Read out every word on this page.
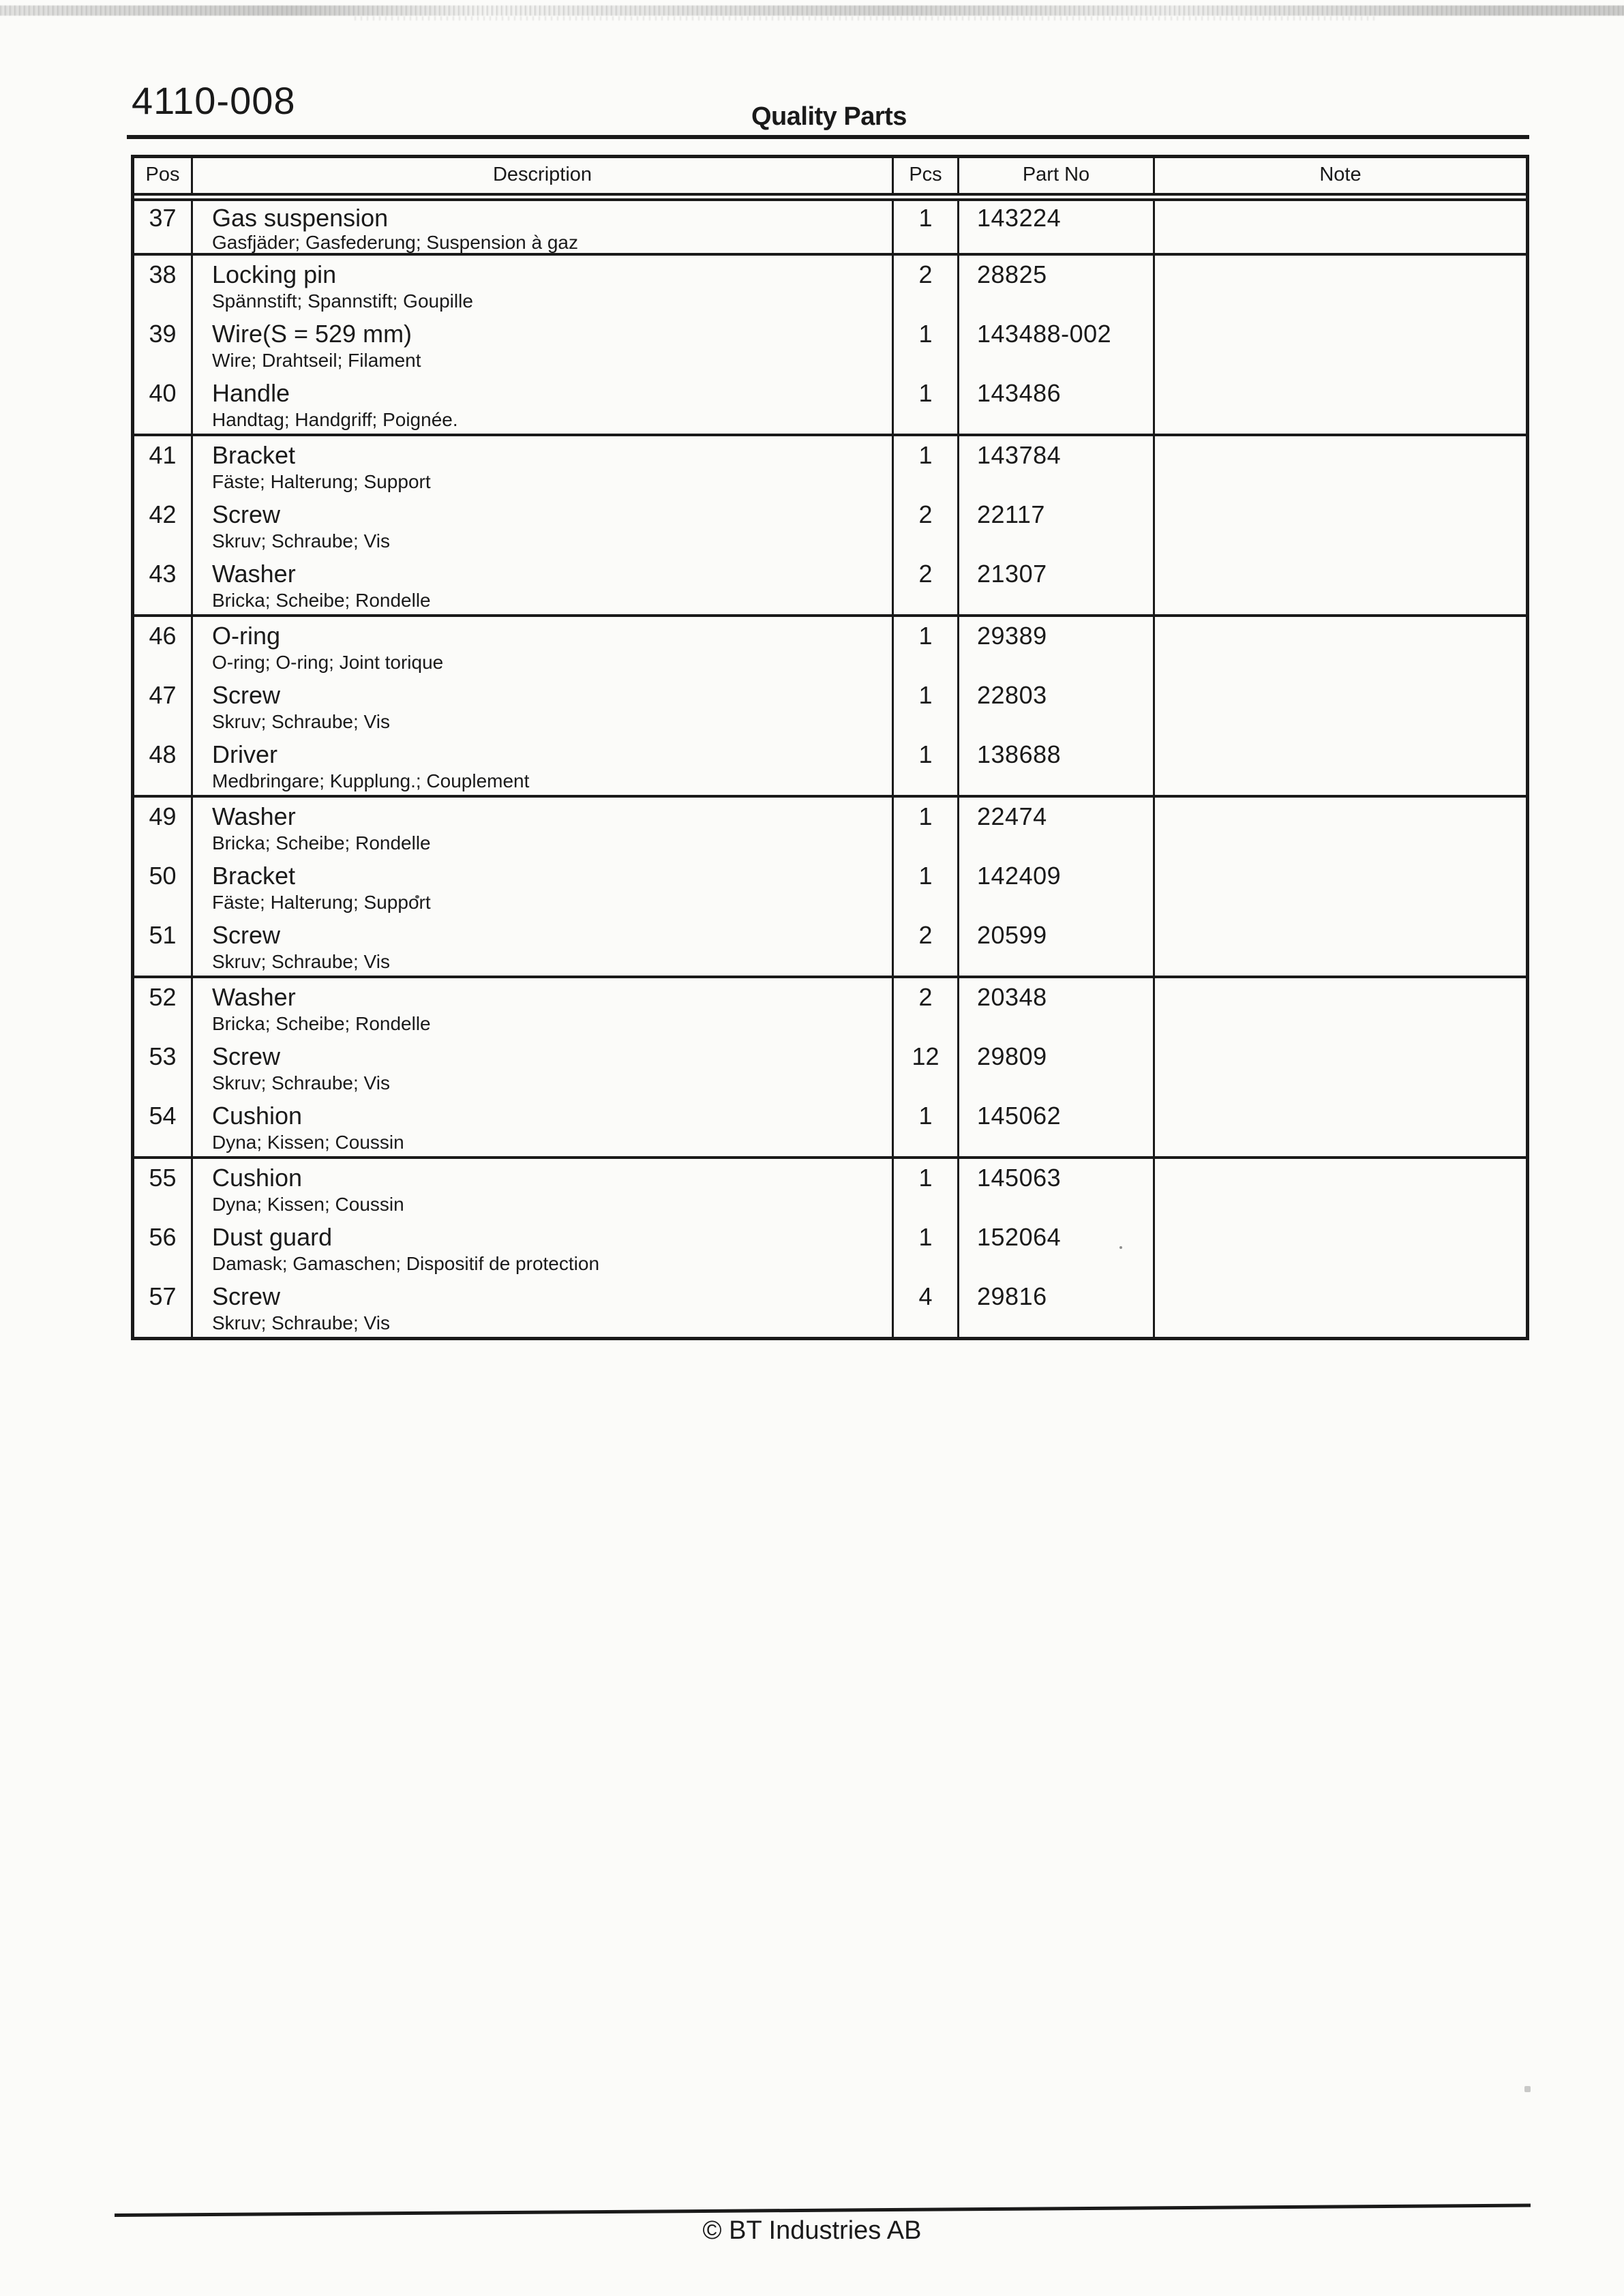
4110-008	Quality Parts
Pos	Description	Pcs	Part No	Note
37	Gas suspension
Gasfjäder; Gasfederung; Suspension à gaz
1	143224
38	Locking pin
Spännstift; Spannstift; Goupille
2	28825
39	Wire(S = 529 mm)
Wire; Drahtseil; Filament
1	143488-002
40	Handle
Handtag; Handgriff; Poignée.
1	143486
41	Bracket
Fäste; Halterung; Support
1	143784
42	Screw
Skruv; Schraube; Vis
2	22117
43	Washer
Bricka; Scheibe; Rondelle
2	21307
46	O-ring
O-ring; O-ring; Joint torique
1	29389
47	Screw
Skruv; Schraube; Vis
1	22803
48	Driver
Medbringare; Kupplung.; Couplement
1	138688
49	Washer
Bricka; Scheibe; Rondelle
1	22474
50	Bracket
Fäste; Halterung; Support
1	142409
51	Screw
Skruv; Schraube; Vis
2	20599
52	Washer
Bricka; Scheibe; Rondelle
2	20348
53	Screw
Skruv; Schraube; Vis
12	29809
54	Cushion
Dyna; Kissen; Coussin
1	145062
55	Cushion
Dyna; Kissen; Coussin
1	145063
56	Dust guard
Damask; Gamaschen; Dispositif de protection
1	152064
57	Screw
Skruv; Schraube; Vis
4	29816
© BT Industries AB
